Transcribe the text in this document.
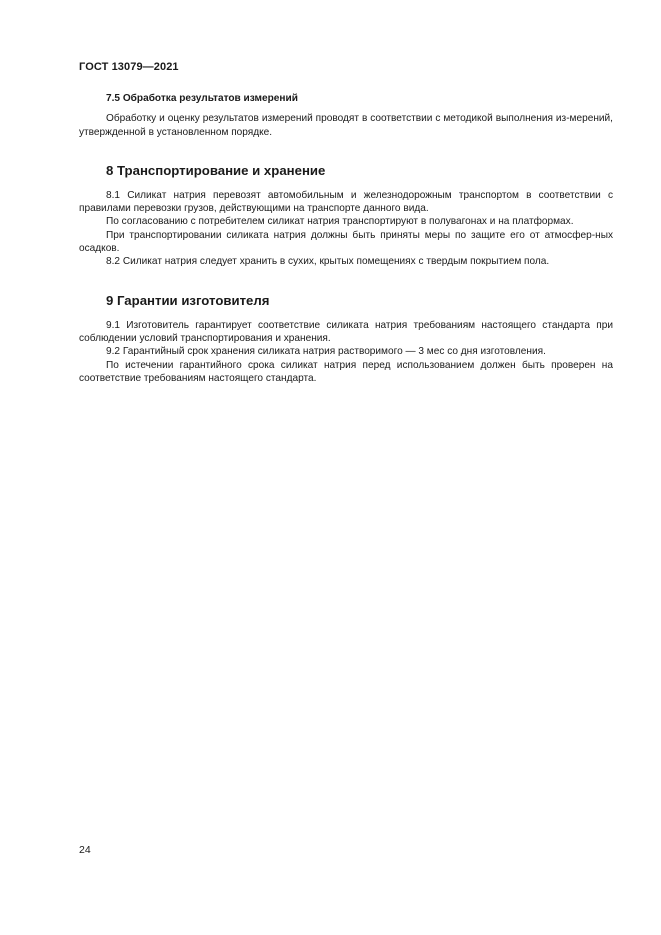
ГОСТ 13079—2021
7.5 Обработка результатов измерений

Обработку и оценку результатов измерений проводят в соответствии с методикой выполнения из-мерений, утвержденной в установленном порядке.

8 Транспортирование и хранение

8.1 Силикат натрия перевозят автомобильным и железнодорожным транспортом в соответствии с правилами перевозки грузов, действующими на транспорте данного вида.

По согласованию с потребителем силикат натрия транспортируют в полувагонах и на платформах.

При транспортировании силиката натрия должны быть приняты меры по защите его от атмосфер-ных осадков.

8.2 Силикат натрия следует хранить в сухих, крытых помещениях с твердым покрытием пола.

9 Гарантии изготовителя

9.1 Изготовитель гарантирует соответствие силиката натрия требованиям настоящего стандарта при соблюдении условий транспортирования и хранения.

9.2 Гарантийный срок хранения силиката натрия растворимого — 3 мес со дня изготовления.

По истечении гарантийного срока силикат натрия перед использованием должен быть проверен на соответствие требованиям настоящего стандарта.

24
